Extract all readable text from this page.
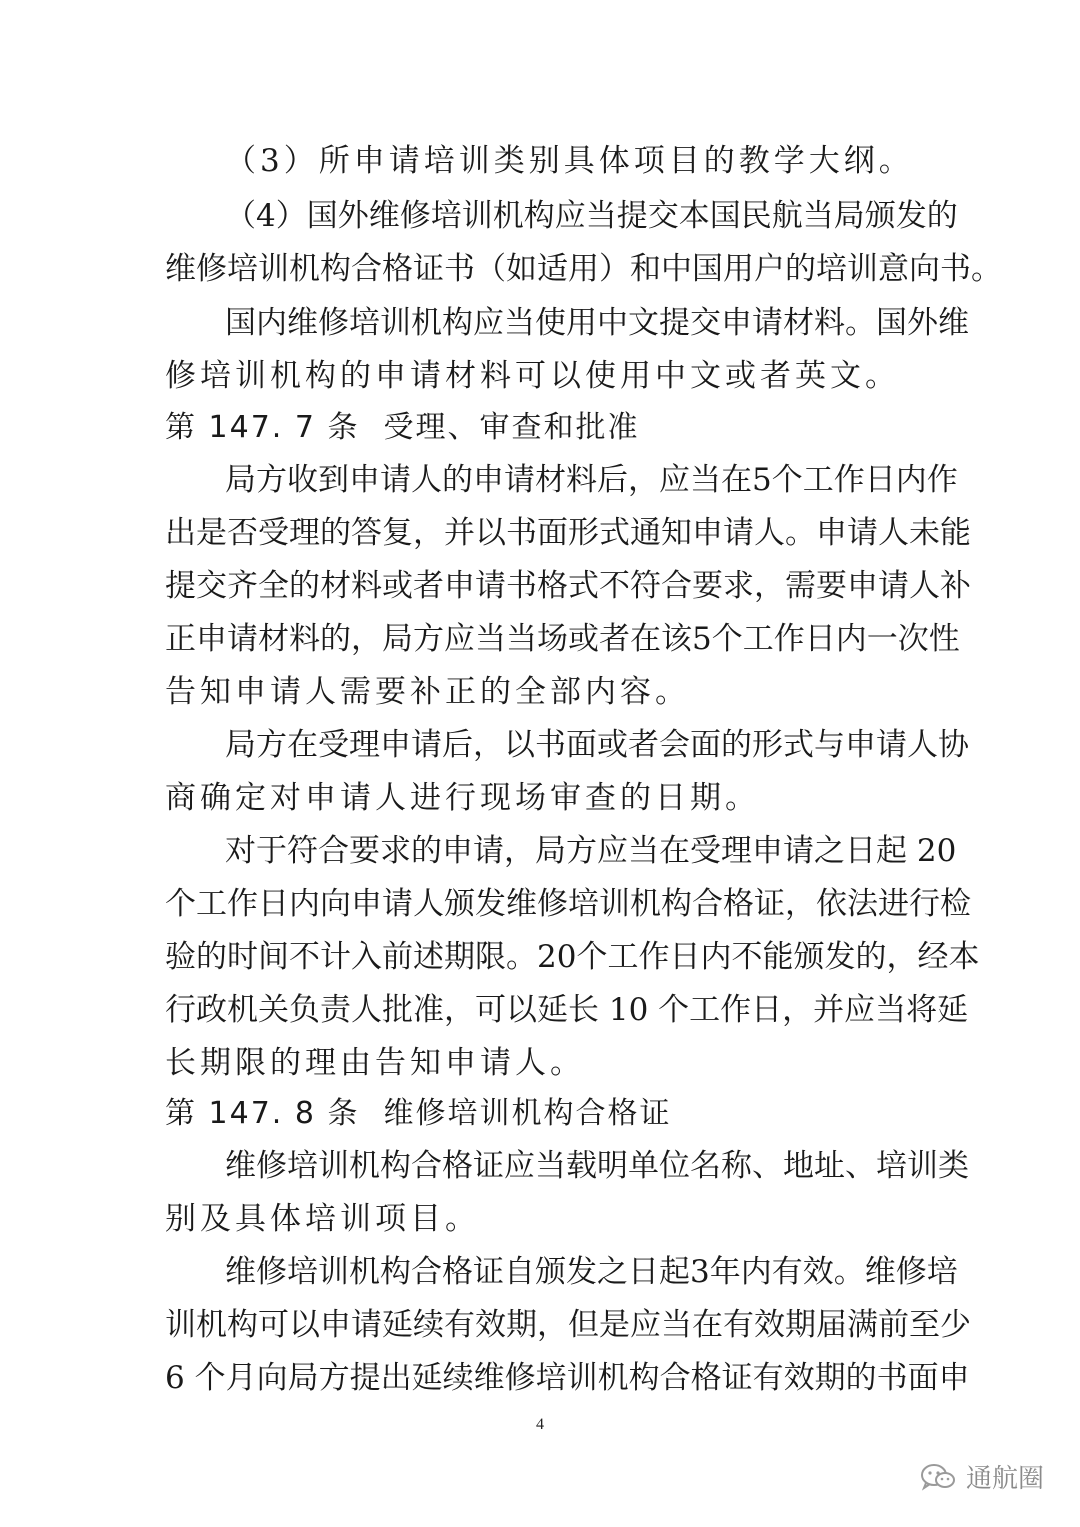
（3）所申请培训类别具体项目的教学大纲。
（4）国外维修培训机构应当提交本国民航当局颁发的
维修培训机构合格证书（如适用）和中国用户的培训意向书。
国内维修培训机构应当使用中文提交申请材料。国外维
修培训机构的申请材料可以使用中文或者英文。
第 147. 7 条 受理、审查和批准
局方收到申请人的申请材料后，应当在5个工作日内作
出是否受理的答复，并以书面形式通知申请人。申请人未能
提交齐全的材料或者申请书格式不符合要求，需要申请人补
正申请材料的，局方应当当场或者在该5个工作日内一次性
告知申请人需要补正的全部内容。
局方在受理申请后，以书面或者会面的形式与申请人协
商确定对申请人进行现场审查的日期。
对于符合要求的申请，局方应当在受理申请之日起 20
个工作日内向申请人颁发维修培训机构合格证，依法进行检
验的时间不计入前述期限。20个工作日内不能颁发的，经本
行政机关负责人批准，可以延长 10 个工作日，并应当将延
长期限的理由告知申请人。
第 147. 8 条 维修培训机构合格证
维修培训机构合格证应当载明单位名称、地址、培训类
别及具体培训项目。
维修培训机构合格证自颁发之日起3年内有效。维修培
训机构可以申请延续有效期，但是应当在有效期届满前至少
6 个月向局方提出延续维修培训机构合格证有效期的书面申
4
通航圈
